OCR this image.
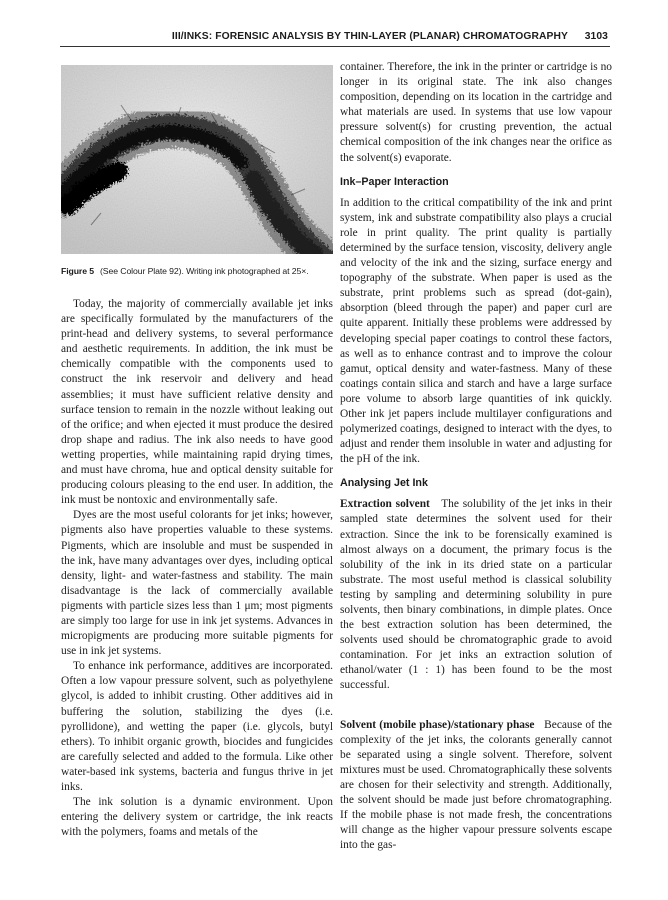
III/INKS: FORENSIC ANALYSIS BY THIN-LAYER (PLANAR) CHROMATOGRAPHY 3103
Figure 5 (See Colour Plate 92). Writing ink photographed at 25×.

Today, the majority of commercially available jet inks are specifically formulated by the manufacturers of the print-head and delivery systems, to several performance and aesthetic requirements. In addition, the ink must be chemically compatible with the components used to construct the ink reservoir and delivery and head assemblies; it must have sufficient relative density and surface tension to remain in the nozzle without leaking out of the orifice; and when ejected it must produce the desired drop shape and radius. The ink also needs to have good wetting properties, while maintaining rapid drying times, and must have chroma, hue and optical density suitable for producing colours pleasing to the end user. In addition, the ink must be nontoxic and environmentally safe.

Dyes are the most useful colorants for jet inks; however, pigments also have properties valuable to these systems. Pigments, which are insoluble and must be suspended in the ink, have many advantages over dyes, including optical density, light- and water-fastness and stability. The main disadvantage is the lack of commercially available pigments with particle sizes less than 1 μm; most pigments are simply too large for use in ink jet systems. Advances in micropigments are producing more suitable pigments for use in ink jet systems.

To enhance ink performance, additives are incorporated. Often a low vapour pressure solvent, such as polyethylene glycol, is added to inhibit crusting. Other additives aid in buffering the solution, stabilizing the dyes (i.e. pyrollidone), and wetting the paper (i.e. glycols, butyl ethers). To inhibit organic growth, biocides and fungicides are carefully selected and added to the formula. Like other water-based ink systems, bacteria and fungus thrive in jet inks.

The ink solution is a dynamic environment. Upon entering the delivery system or cartridge, the ink reacts with the polymers, foams and metals of the

container. Therefore, the ink in the printer or cartridge is no longer in its original state. The ink also changes composition, depending on its location in the cartridge and what materials are used. In systems that use low vapour pressure solvent(s) for crusting prevention, the actual chemical composition of the ink changes near the orifice as the solvent(s) evaporate.

Ink–Paper Interaction

In addition to the critical compatibility of the ink and print system, ink and substrate compatibility also plays a crucial role in print quality. The print quality is partially determined by the surface tension, viscosity, delivery angle and velocity of the ink and the sizing, surface energy and topography of the substrate. When paper is used as the substrate, print problems such as spread (dot-gain), absorption (bleed through the paper) and paper curl are quite apparent. Initially these problems were addressed by developing special paper coatings to control these factors, as well as to enhance contrast and to improve the colour gamut, optical density and water-fastness. Many of these coatings contain silica and starch and have a large surface pore volume to absorb large quantities of ink quickly. Other ink jet papers include multilayer configurations and polymerized coatings, designed to interact with the dyes, to adjust and render them insoluble in water and adjusting for the pH of the ink.

Analysing Jet Ink

Extraction solvent The solubility of the jet inks in their sampled state determines the solvent used for their extraction. Since the ink to be forensically examined is almost always on a document, the primary focus is the solubility of the ink in its dried state on a particular substrate. The most useful method is classical solubility testing by sampling and determining solubility in pure solvents, then binary combinations, in dimple plates. Once the best extraction solution has been determined, the solvents used should be chromatographic grade to avoid contamination. For jet inks an extraction solution of ethanol/water (1 : 1) has been found to be the most successful.

Solvent (mobile phase)/stationary phase Because of the complexity of the jet inks, the colorants generally cannot be separated using a single solvent. Therefore, solvent mixtures must be used. Chromatographically these solvents are chosen for their selectivity and strength. Additionally, the solvent should be made just before chromatographing. If the mobile phase is not made fresh, the concentrations will change as the higher vapour pressure solvents escape into the gas-
